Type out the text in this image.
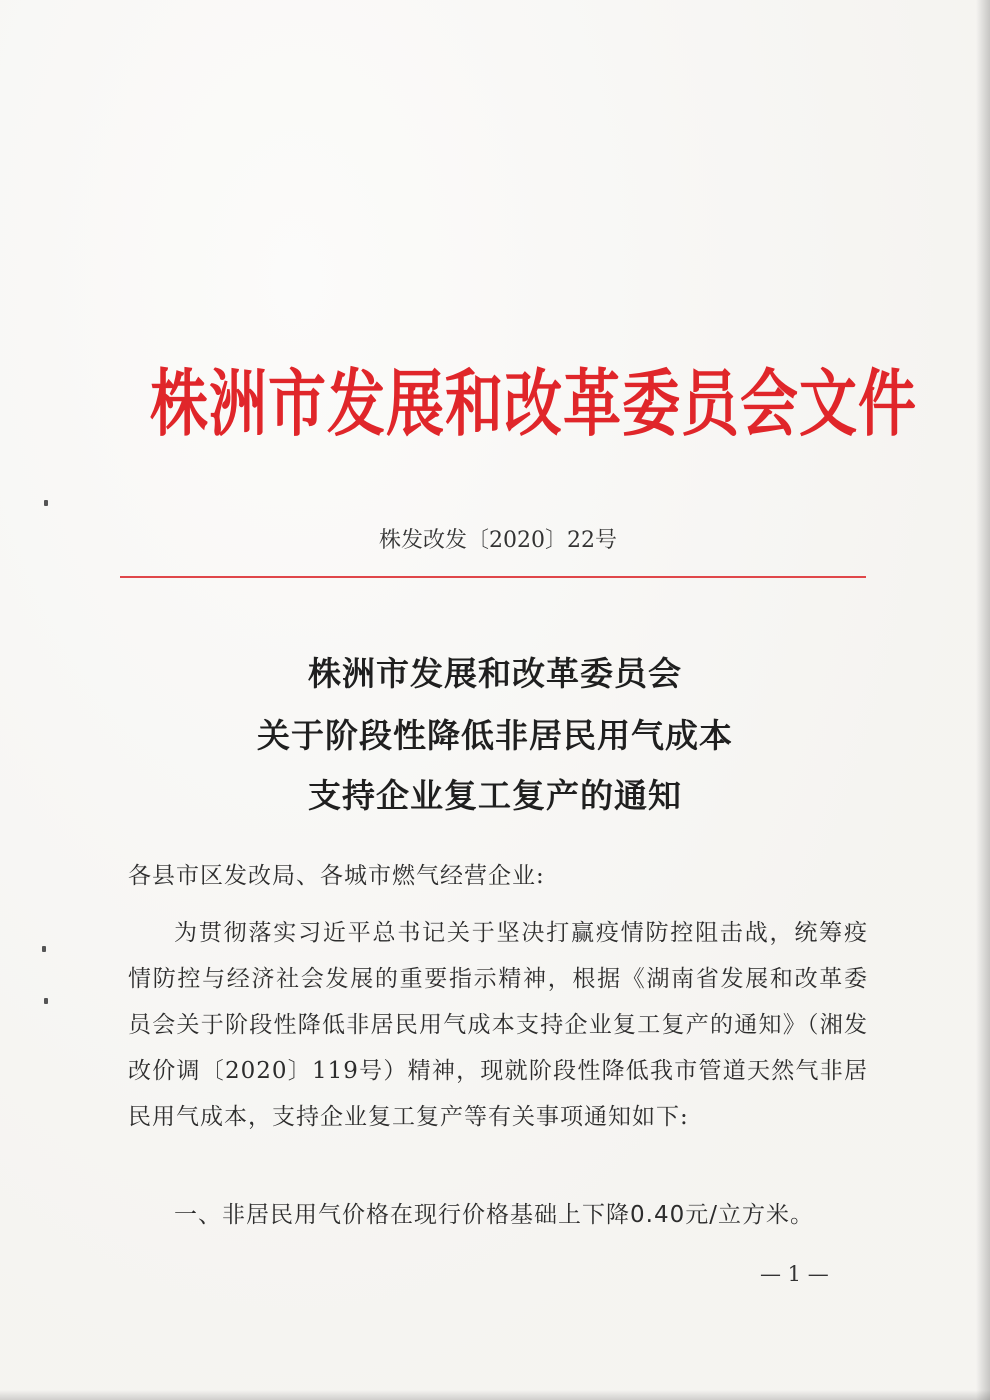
株洲市发展和改革委员会文件
株发改发〔2020〕22号
株洲市发展和改革委员会
关于阶段性降低非居民用气成本
支持企业复工复产的通知
各县市区发改局、各城市燃气经营企业:
为贯彻落实习近平总书记关于坚决打赢疫情防控阻击战，统筹疫情防控与经济社会发展的重要指示精神，根据《湖南省发展和改革委员会关于阶段性降低非居民用气成本支持企业复工复产的通知》（湘发改价调〔2020〕119号）精神，现就阶段性降低我市管道天然气非居民用气成本，支持企业复工复产等有关事项通知如下:
一、非居民用气价格在现行价格基础上下降0.40元/立方米。
— 1 —
